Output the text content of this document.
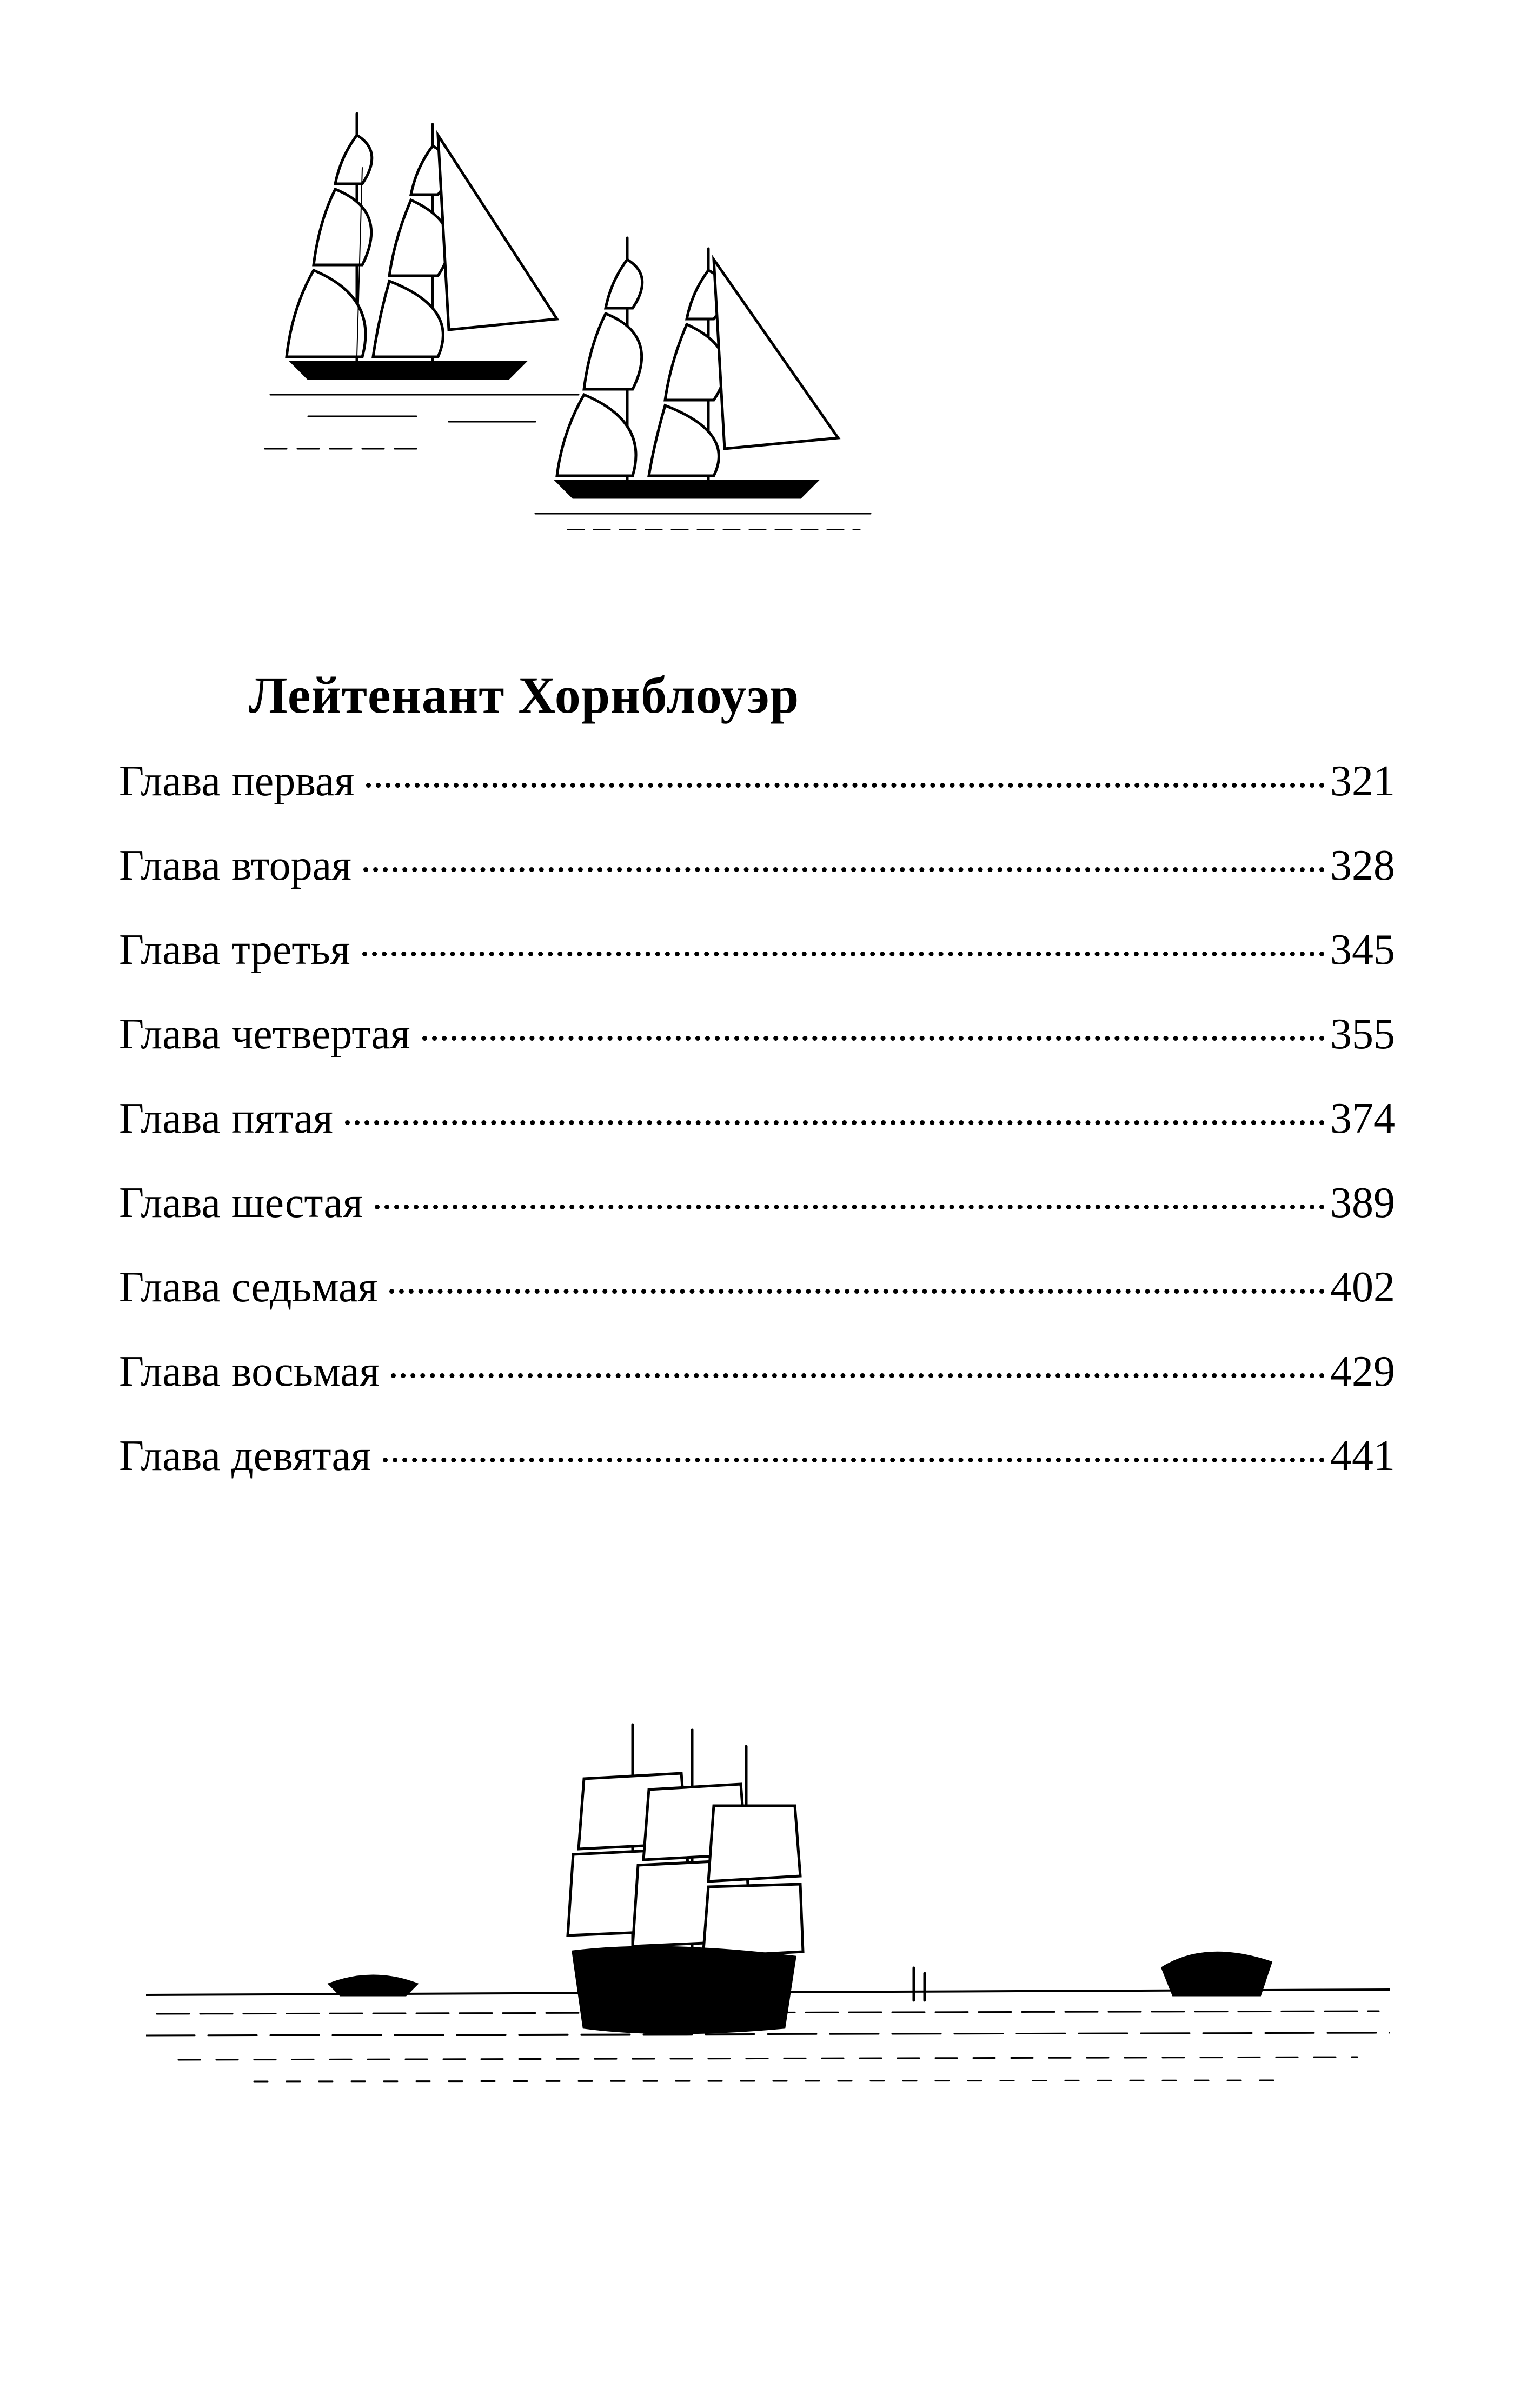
Лейтенант Хорнблоуэр
Глава первая	321
Глава вторая	328
Глава третья	345
Глава четвертая	355
Глава пятая	374
Глава шестая	389
Глава седьмая	402
Глава восьмая	429
Глава девятая	441
